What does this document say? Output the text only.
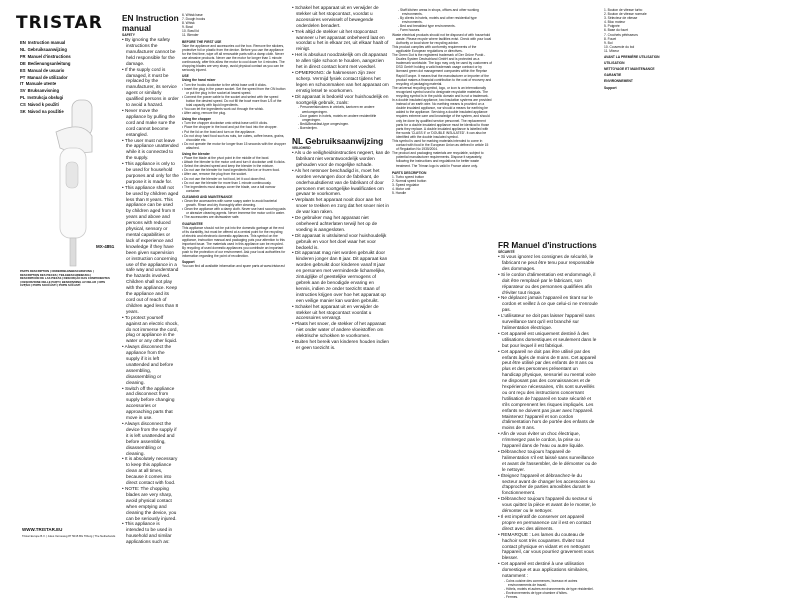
TRISTAR
EN Instruction manual
NL Gebruiksaanwijzing
FR Manuel d'instructions
DE Bedienungsanleitung
ES Manual de usuario
PT Manual de utilizador
IT Manuale utente
SV Bruksanvisning
PL Instrukcja obsługi
CS Návod k použití
SK Návod na použitie
MX-4851
PARTS DESCRIPTION | ONDERDELENBESCHRIJVING | DESCRIPTION DES PIECES | TEILEBESCHREIBUNG | DESCRIPCIÓN DE LAS PIEZAS | DESCRIÇÃO DAS COMPONENTES | DESCRIZIONE DELLE PARTI | BESKRIVNING AV DELAR | OPIS CZĘŚCI | POPIS SOUČÁSTÍ | POPIS SÚČASTÍ
WWW.TRISTAR.EU
Tristar Europe B.V. | Jules Verneweg 87 5015 BG Tilburg | The Netherlands
EN Instruction manual

SAFETY

• By ignoring the safety instructions the manufacturer cannot be held responsible for the damage.

• If the supply cord is damaged, it must be replaced by the manufacturer, its service agent or similarly qualified persons in order to avoid a hazard.

• Never move the appliance by pulling the cord and make sure the cord cannot become entangled.

• The user must not leave the appliance unattended while it is connected to the supply.

• This appliance is only to be used for household purposes and only for the purpose it is made for.

• This appliance shall not be used by children aged less than 8 years. This appliance can be used by children aged from 8 years and above and persons with reduced physical, sensory or mental capabilities or lack of experience and knowledge if they have been given supervision or instruction concerning use of the appliance in a safe way and understand the hazards involved. Children shall not play with the appliance. Keep the appliance and its cord out of reach of children aged less than 8 years.

• To protect yourself against an electric shock, do not immerse the cord, plug or appliance in the water or any other liquid.

• Always disconnect the appliance from the supply if it is left unattended and before assembling, disassembling or cleaning.

• Switch off the appliance and disconnect from supply before changing accessories or approaching parts that move in use.

• Always disconnect the device from the supply if it is left unattended and before assembling, disassembling or cleaning.

• It is absolutely necessary to keep this appliance clean at all times, because it comes into direct contact with food.

• NOTE: The chopping blades are very sharp, avoid physical contact when emptying and cleaning the device, you can be seriously injured.

• This appliance is intended to be used in household and similar applications such as:

6. Whisk base

7. Dough hooks

8. Whisk

9. Bowl

10. Bowl lid

11. Blender

BEFORE THE FIRST USE

Take the appliance and accessories out the box. Remove the stickers, protective foil or plastic from the device. Before you use the appliance for the first time, wipe off all removable parts with a damp cloth. Never use abrasive products. Never use the motor for longer than 1 minute continuously, after this allow the motor to cool down for 4 minutes. The chopping blades are very sharp, avoid physical contact as you can be seriously injured.

USE

Using the hand mixer

• Turn the hooks clockwise to the whisk base until it clicks.

• Insert the plug in the power socket. Set the speed from the ON button or put the plug in the socket at lowest speed.

• Connect the power cable to the socket and select with the speed button the desired speed. Do not fill the bowl more than 1/3 of the total capacity with liquid ingredients.

• You can let the ingredients work out through the whisk.

• After using, remove the plug.

Using the chopper

• Turn the chopper clockwise onto whisk base until it clicks.

• Place the chopper in the bowl and put the food into the chopper.

• Put the lid on the bowl and turn on the appliance.

• Do not chop hard food such as nuts, ice cubes, coffee beans, grains, chocolate etc.

• Do not operate the motor for longer than 15 seconds with the chopper attached.

Using the blender

• Place the blade at the pivot point in the middle of the bowl.

• Attach the blender to the motor unit and turn it clockwise until it clicks.

• Select the desired speed and keep the blender in the mixture.

• Do not use the blender for hard ingredients like ice or frozen food.

• After use, remove the plug from the socket.

• Do not use the blender on hot food, let it cool down first.

• Do not use the blender for more than 1 minute continuously.

• The ingredients must always cover the blade, use a tall narrow container.

CLEANING AND MAINTENANCE

• Clean the accessories with some soapy water to avoid bacterial growth. Rinse and dry thoroughly after cleaning.

• Clean the appliance with a damp cloth. Never use hard scouring pads or abrasive cleaning agents. Never immerse the motor unit in water.

• The accessories are dishwasher safe.

GUARANTEE

This appliance should not be put into the domestic garbage at the end of its durability, but must be offered at a central point for the recycling of electric and electronic domestic appliances. This symbol on the appliance, instruction manual and packaging puts your attention to this important issue. The materials used in this appliance can be recycled. By recycling of used domestic appliances you contribute an important push to the protection of our environment. Ask your local authorities for information regarding the point of recollection.

Support

You can find all available information and spare parts at www.tristar.eu!

• Schakel het apparaat uit en verwijder de stekker uit het stopcontact, voordat u accessoires verwisselt of bewegende onderdelen benadert.

• Trek altijd de stekker uit het stopcontact wanneer u het apparaat onbeheerd laat en voordat u het in elkaar zet, uit elkaar haalt of reinigt.

• Het is absoluut noodzakelijk om dit apparaat te allen tijde schoon te houden, aangezien het in direct contact komt met voedsel.

• OPMERKING: de hakmessen zijn zeer scherp. Vermijd fysiek contact tijdens het legen en schoonmaken van het apparaat om ernstig letsel te voorkomen.

• Dit apparaat is bedoeld voor huishoudelijk en soortgelijk gebruik, zoals:

- Personeelskeukens in winkels, kantoren en andere werkomgevingen.

- Door gasten in hotels, motels en andere residentiële omgevingen.

- Bed&Breakfast-type omgevingen.

- Boerderijen.

NL Gebruiksaanwijzing

VEILIGHEID

• Als u de veiligheidsinstructies negeert, kan de fabrikant niet verantwoordelijk worden gehouden voor de mogelijke schade.

• Als het netsnoer beschadigd is, moet het worden vervangen door de fabrikant, de onderhoudsdienst van de fabrikant of door personen met soortgelijke kwalificaties om gevaar te voorkomen.

• Verplaats het apparaat nooit door aan het snoer te trekken en zorg dat het snoer niet in de war kan raken.

• De gebruiker mag het apparaat niet onbeheerd achterlaten terwijl het op de voeding is aangesloten.

• Dit apparaat is uitsluitend voor huishoudelijk gebruik en voor het doel waar het voor bedoeld is.

• Dit apparaat mag niet worden gebruikt door kinderen jonger dan 8 jaar. Dit apparaat kan worden gebruikt door kinderen vanaf 8 jaar en personen met verminderde lichamelijke, zintuiglijke of geestelijke vermogens of gebrek aan de benodigde ervaring en kennis, indien ze onder toezicht staan of instructies krijgen over hoe het apparaat op een veilige manier kan worden gebruikt.

• Schakel het apparaat uit en verwijder de stekker uit het stopcontact voordat u accessoires vervangt.

• Plaats het snoer, de stekker of het apparaat niet onder water of andere vloeistoffen om elektrische schokken te voorkomen.

• Buiten het bereik van kinderen houden indien er geen toezicht is.

- Staff kitchen areas in shops, offices and other working environments.

- By clients in hotels, motels and other residential type environments.

- Bed and breakfast type environments.

- Farm houses.

Waste electrical products should not be disposed of with household waste. Please recycle where facilities exist. Check with your local Authority or local store for recycling advice.

This product complies with conformity requirements of the applicable European regulations or directives.

The Green Dot is the registered trademark of Der Grüne Punkt - Duales System Deutschland GmbH and is protected as a trademark worldwide. The logo may only be used by customers of DSD GmbH holding a valid trademark usage contract or by licensed green dot management companies within the Reprise Rapid Europe. It means that the manufacturer or importer of the product makes a financial contribution to the cost of recovery and recycling of packaging material.

The universal recycling symbol, logo, or icon is an internationally recognized symbol used to designate recyclable materials. The recycling symbol is in the public domain and is not a trademark.

In a double insulated appliance, two insulation systems are provided instead of an earth wire. No earthing means is provided on a double insulated appliance, nor should a means for earthing be added to the appliance. Servicing a double insulated appliance requires extreme care and knowledge of the system, and should only be done by qualified service personnel. The replacement parts for a double insulated appliance must be identical to those parts they replace. A double insulated appliance is labelled with the words 'CLASS II' or 'DOUBLE INSULATED'. It can also be identified with the double insulated symbol.

This symbol is used for marking materials intended to come in contact with food in the European Union as defined in article 15 of Regulation No 1935/2004.

The product and packaging materials are recyclable, subject to potential manufacturer requirements. Dispose it separately, following the instructions and regulations for better waste treatment. The Triman logo is valid in France alone only.

PARTS DESCRIPTION

1. Turbo speed button

2. Normal speed button

3. Speed regulator

4. Motor unit

5. Handle

1. Bouton de vitesse turbo

2. Bouton de vitesse normale

3. Sélecteur de vitesse

4. Bloc moteur

5. Poignée

6. Base du fouet

7. Crochets pétrisseurs

8. Fouet

9. Bol

10. Couvercle du bol

11. Mixeur

AVANT LA PREMIÈRE UTILISATION

UTILISATION

NETTOYAGE ET MAINTENANCE

GARANTIE

ENVIRONNEMENT

Support

FR Manuel d'instructions

SÉCURITÉ

• Si vous ignorez les consignes de sécurité, le fabricant ne peut être tenu pour responsable des dommages.

• Si le cordon d'alimentation est endommagé, il doit être remplacé par le fabricant, son réparateur ou des personnes qualifiées afin d'éviter tout risque.

• Ne déplacez jamais l'appareil en tirant sur le cordon et veillez à ce que celui-ci ne s'enroule pas.

• L'utilisateur ne doit pas laisser l'appareil sans surveillance tant qu'il est branché sur l'alimentation électrique.

• Cet appareil est uniquement destiné à des utilisations domestiques et seulement dans le but pour lequel il est fabriqué.

• Cet appareil ne doit pas être utilisé par des enfants âgés de moins de 8 ans. Cet appareil peut être utilisé par des enfants de 8 ans ou plus et des personnes présentant un handicap physique, sensoriel ou mental voire ne disposant pas des connaissances et de l'expérience nécessaires, s'ils sont surveillés ou ont reçu des instructions concernant l'utilisation de l'appareil en toute sécurité et s'ils comprennent les risques impliqués. Les enfants ne doivent pas jouer avec l'appareil. Maintenez l'appareil et son cordon d'alimentation hors de portée des enfants de moins de 8 ans.

• Afin de vous éviter un choc électrique, n'immergez pas le cordon, la prise ou l'appareil dans de l'eau ou autre liquide.

• Débranchez toujours l'appareil de l'alimentation s'il est laissé sans surveillance et avant de l'assembler, de le démonter ou de le nettoyer.

• Éteignez l'appareil et débranchez-le du secteur avant de changer les accessoires ou d'approcher de parties amovibles durant le fonctionnement.

• Débranchez toujours l'appareil du secteur si vous quittez la pièce et avant de le monter, le démonter ou le nettoyer.

• Il est impératif de conserver cet appareil propre en permanence car il est en contact direct avec des aliments.

• REMARQUE : Les lames du couteau de hachoir sont très coupantes. Évitez tout contact physique en vidant et en nettoyant l'appareil, car vous pourriez gravement vous blesser.

• Cet appareil est destiné à une utilisation domestique et aux applications similaires, notamment :

- Coins cuisine des commerces, bureaux et autres environnements de travail.

- Hôtels, motels et autres environnements de type résidentiel.

- Environnements de type chambre d'hôtes.

- Fermes.
